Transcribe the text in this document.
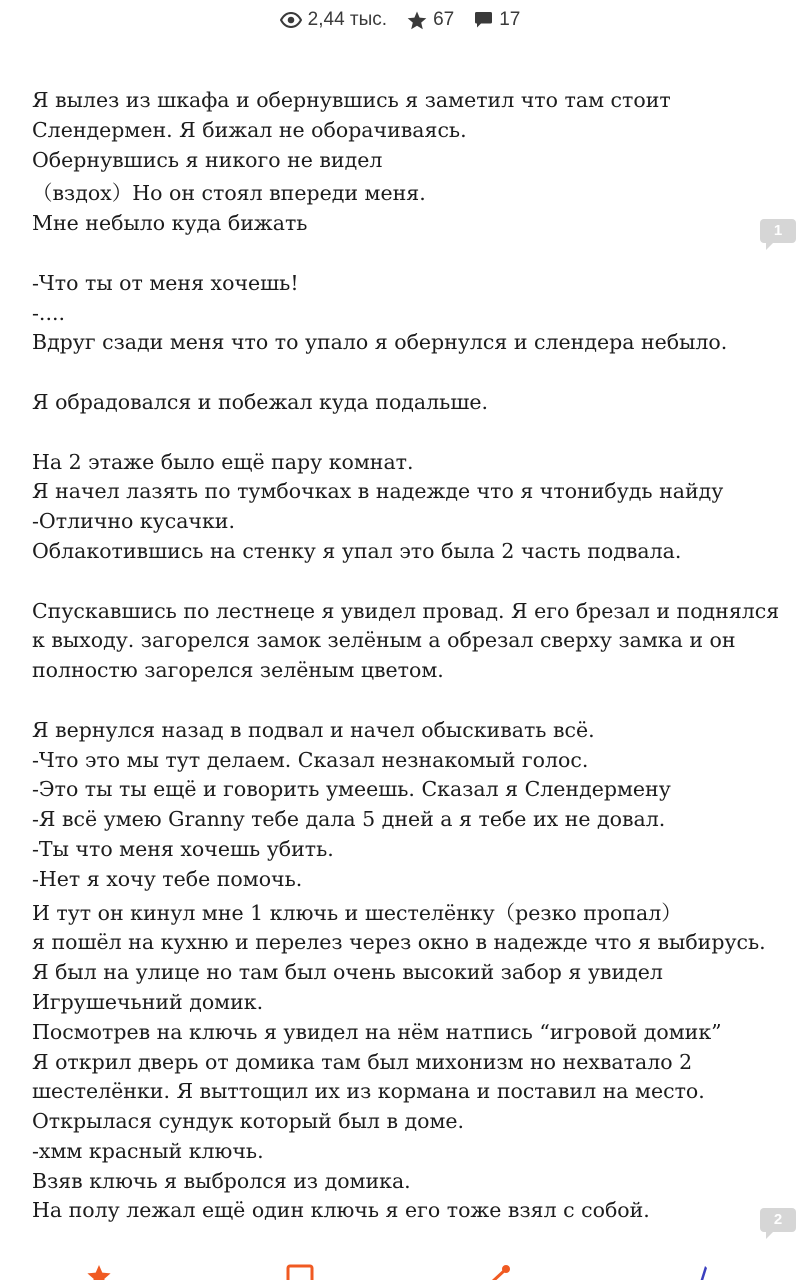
2,44 тыс. 67 17
Я вылез из шкафа и обернувшись я заметил что там стоит
Слендермен. Я бижал не оборачиваясь.
Обернувшись я никого не видел
（вздох）Но он стоял впереди меня.
Мне небыло куда бижать
-Что ты от меня хочешь!
-....
Вдруг сзади меня что то упало я обернулся и слендера небыло.
Я обрадовался и побежал куда подальше.
На 2 этаже было ещё пару комнат.
Я начел лазять по тумбочках в надежде что я чтонибудь найду
-Отлично кусачки.
Облакотившись на стенку я упал это была 2 часть подвала.
Спускавшись по лестнеце я увидел провад. Я его брезал и поднялся
к выходу. загорелся замок зелёным а обрезал сверху замка и он
полностю загорелся зелёным цветом.
Я вернулся назад в подвал и начел обыскивать всё.
-Что это мы тут делаем. Сказал незнакомый голос.
-Это ты ты ещё и говорить умеешь. Сказал я Слендермену
-Я всё умею Granny тебе дала 5 дней а я тебе их не довал.
-Ты что меня хочешь убить.
-Нет я хочу тебе помочь.
И тут он кинул мне 1 ключь и шестелёнку（резко пропал）
я пошёл на кухню и перелез через окно в надежде что я выбирусь.
Я был на улице но там был очень высокий забор я увидел
Игрушечьний домик.
Посмотрев на ключь я увидел на нём натпись “игровой домик”
Я открил дверь от домика там был михонизм но нехватало 2
шестелёнки. Я выттощил их из кормана и поставил на место.
Открылася сундук который был в доме.
-хмм красный ключь.
Взяв ключь я выбролся из домика.
На полу лежал ещё один ключь я его тоже взял с собой.
1
2
